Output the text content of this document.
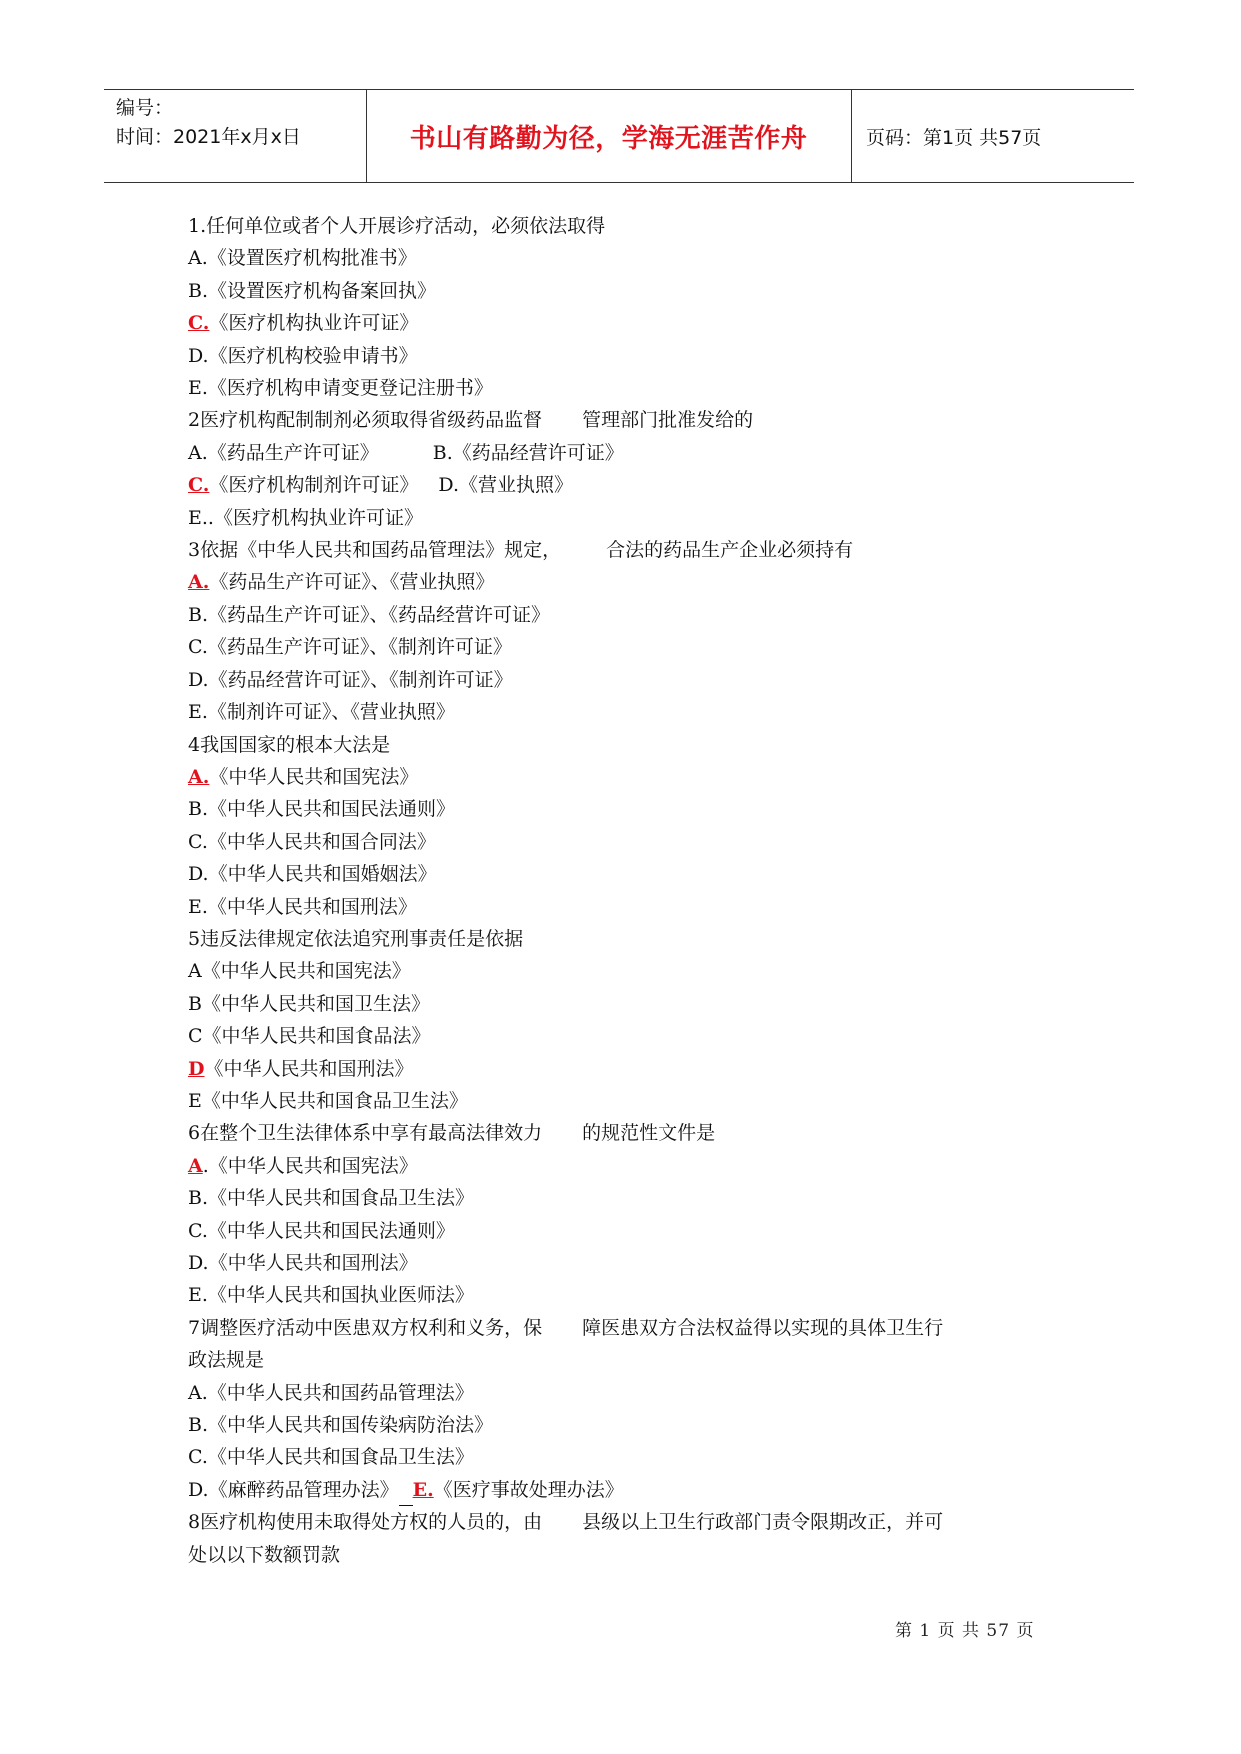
编号：
时间：2021年x月x日	书山有路勤为径，学海无涯苦作舟	页码：第1页 共57页
1.任何单位或者个人开展诊疗活动，必须依法取得
A.《设置医疗机构批准书》
B.《设置医疗机构备案回执》
C.《医疗机构执业许可证》
D.《医疗机构校验申请书》
E.《医疗机构申请变更登记注册书》
2医疗机构配制制剂必须取得省级药品监督 管理部门批准发给的
A.《药品生产许可证》	B.《药品经营许可证》
C.《医疗机构制剂许可证》 D.《营业执照》
E..《医疗机构执业许可证》
3依据《中华人民共和国药品管理法》规定， 合法的药品生产企业必须持有
A.《药品生产许可证》、《营业执照》
B.《药品生产许可证》、《药品经营许可证》
C.《药品生产许可证》、《制剂许可证》
D.《药品经营许可证》、《制剂许可证》
E.《制剂许可证》、《营业执照》
4我国国家的根本大法是
A.《中华人民共和国宪法》
B.《中华人民共和国民法通则》
C.《中华人民共和国合同法》
D.《中华人民共和国婚姻法》
E.《中华人民共和国刑法》
5违反法律规定依法追究刑事责任是依据
A《中华人民共和国宪法》
B《中华人民共和国卫生法》
C《中华人民共和国食品法》
D《中华人民共和国刑法》
E《中华人民共和国食品卫生法》
6在整个卫生法律体系中享有最高法律效力 的规范性文件是
A.《中华人民共和国宪法》
B.《中华人民共和国食品卫生法》
C.《中华人民共和国民法通则》
D.《中华人民共和国刑法》
E.《中华人民共和国执业医师法》
7调整医疗活动中医患双方权利和义务，保 障医患双方合法权益得以实现的具体卫生行
政法规是
A.《中华人民共和国药品管理法》
B.《中华人民共和国传染病防治法》
C.《中华人民共和国食品卫生法》
D.《麻醉药品管理办法》 E.《医疗事故处理办法》
8医疗机构使用未取得处方权的人员的，由 县级以上卫生行政部门责令限期改正，并可
处以以下数额罚款
第 1 页 共 57 页
